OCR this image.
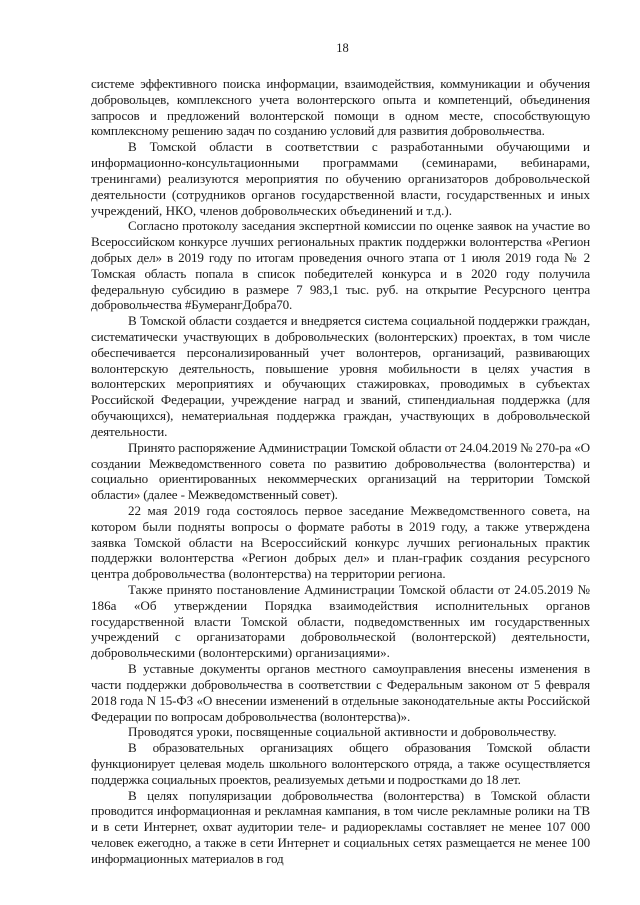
18

системе эффективного поиска информации, взаимодействия, коммуникации и обучения добровольцев, комплексного учета волонтерского опыта и компетенций, объединения запросов и предложений волонтерской помощи в одном месте, способствующую комплексному решению задач по созданию условий для развития добровольчества.

В Томской области в соответствии с разработанными обучающими и информационно-консультационными программами (семинарами, вебинарами, тренингами) реализуются мероприятия по обучению организаторов добровольческой деятельности (сотрудников органов государственной власти, государственных и иных учреждений, НКО, членов добровольческих объединений и т.д.).

Согласно протоколу заседания экспертной комиссии по оценке заявок на участие во Всероссийском конкурсе лучших региональных практик поддержки волонтерства «Регион добрых дел» в 2019 году по итогам проведения очного этапа от 1 июля 2019 года № 2 Томская область попала в список победителей конкурса и в 2020 году получила федеральную субсидию в размере 7 983,1 тыс. руб. на открытие Ресурсного центра добровольчества #БумерангДобра70.

В Томской области создается и внедряется система социальной поддержки граждан, систематически участвующих в добровольческих (волонтерских) проектах, в том числе обеспечивается персонализированный учет волонтеров, организаций, развивающих волонтерскую деятельность, повышение уровня мобильности в целях участия в волонтерских мероприятиях и обучающих стажировках, проводимых в субъектах Российской Федерации, учреждение наград и званий, стипендиальная поддержка (для обучающихся), нематериальная поддержка граждан, участвующих в добровольческой деятельности.

Принято распоряжение Администрации Томской области от 24.04.2019 № 270-ра «О создании Межведомственного совета по развитию добровольчества (волонтерства) и социально ориентированных некоммерческих организаций на территории Томской области» (далее - Межведомственный совет).

22 мая 2019 года состоялось первое заседание Межведомственного совета, на котором были подняты вопросы о формате работы в 2019 году, а также утверждена заявка Томской области на Всероссийский конкурс лучших региональных практик поддержки волонтерства «Регион добрых дел» и план-график создания ресурсного центра добровольчества (волонтерства) на территории региона.

Также принято постановление Администрации Томской области от 24.05.2019 № 186а «Об утверждении Порядка взаимодействия исполнительных органов государственной власти Томской области, подведомственных им государственных учреждений с организаторами добровольческой (волонтерской) деятельности, добровольческими (волонтерскими) организациями».

В уставные документы органов местного самоуправления внесены изменения в части поддержки добровольчества в соответствии с Федеральным законом от 5 февраля 2018 года N 15-ФЗ «О внесении изменений в отдельные законодательные акты Российской Федерации по вопросам добровольчества (волонтерства)».

Проводятся уроки, посвященные социальной активности и добровольчеству.

В образовательных организациях общего образования Томской области функционирует целевая модель школьного волонтерского отряда, а также осуществляется поддержка социальных проектов, реализуемых детьми и подростками до 18 лет.

В целях популяризации добровольчества (волонтерства) в Томской области проводится информационная и рекламная кампания, в том числе рекламные ролики на ТВ и в сети Интернет, охват аудитории теле- и радиорекламы составляет не менее 107 000 человек ежегодно, а также в сети Интернет и социальных сетях размещается не менее 100 информационных материалов в год
